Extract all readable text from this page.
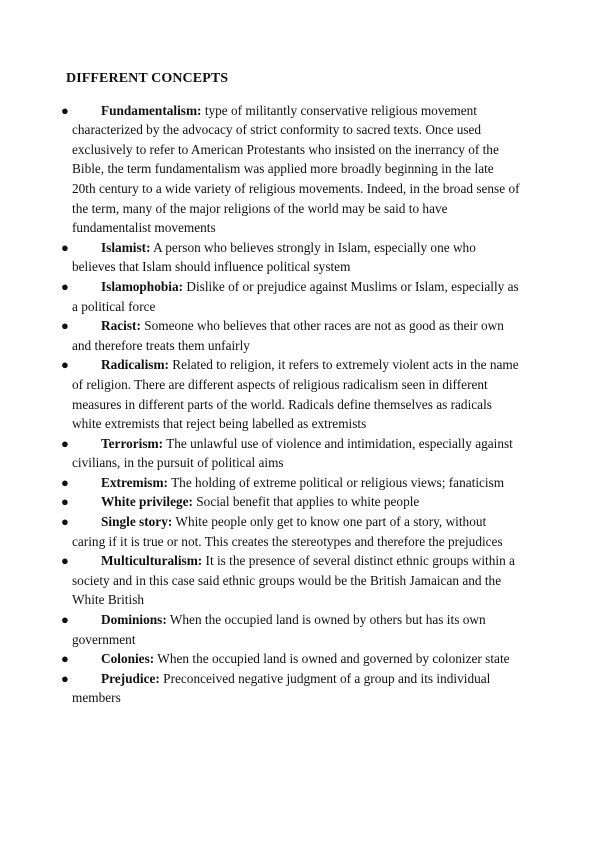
DIFFERENT CONCEPTS
● Fundamentalism: type of militantly conservative religious movement characterized by the advocacy of strict conformity to sacred texts. Once used exclusively to refer to American Protestants who insisted on the inerrancy of the Bible, the term fundamentalism was applied more broadly beginning in the late 20th century to a wide variety of religious movements. Indeed, in the broad sense of the term, many of the major religions of the world may be said to have fundamentalist movements
● Islamist: A person who believes strongly in Islam, especially one who believes that Islam should influence political system
● Islamophobia: Dislike of or prejudice against Muslims or Islam, especially as a political force
● Racist: Someone who believes that other races are not as good as their own and therefore treats them unfairly
● Radicalism: Related to religion, it refers to extremely violent acts in the name of religion. There are different aspects of religious radicalism seen in different measures in different parts of the world. Radicals define themselves as radicals white extremists that reject being labelled as extremists
● Terrorism: The unlawful use of violence and intimidation, especially against civilians, in the pursuit of political aims
● Extremism: The holding of extreme political or religious views; fanaticism
● White privilege: Social benefit that applies to white people
● Single story: White people only get to know one part of a story, without caring if it is true or not. This creates the stereotypes and therefore the prejudices
● Multiculturalism: It is the presence of several distinct ethnic groups within a society and in this case said ethnic groups would be the British Jamaican and the White British
● Dominions: When the occupied land is owned by others but has its own government
● Colonies: When the occupied land is owned and governed by colonizer state
● Prejudice: Preconceived negative judgment of a group and its individual members
